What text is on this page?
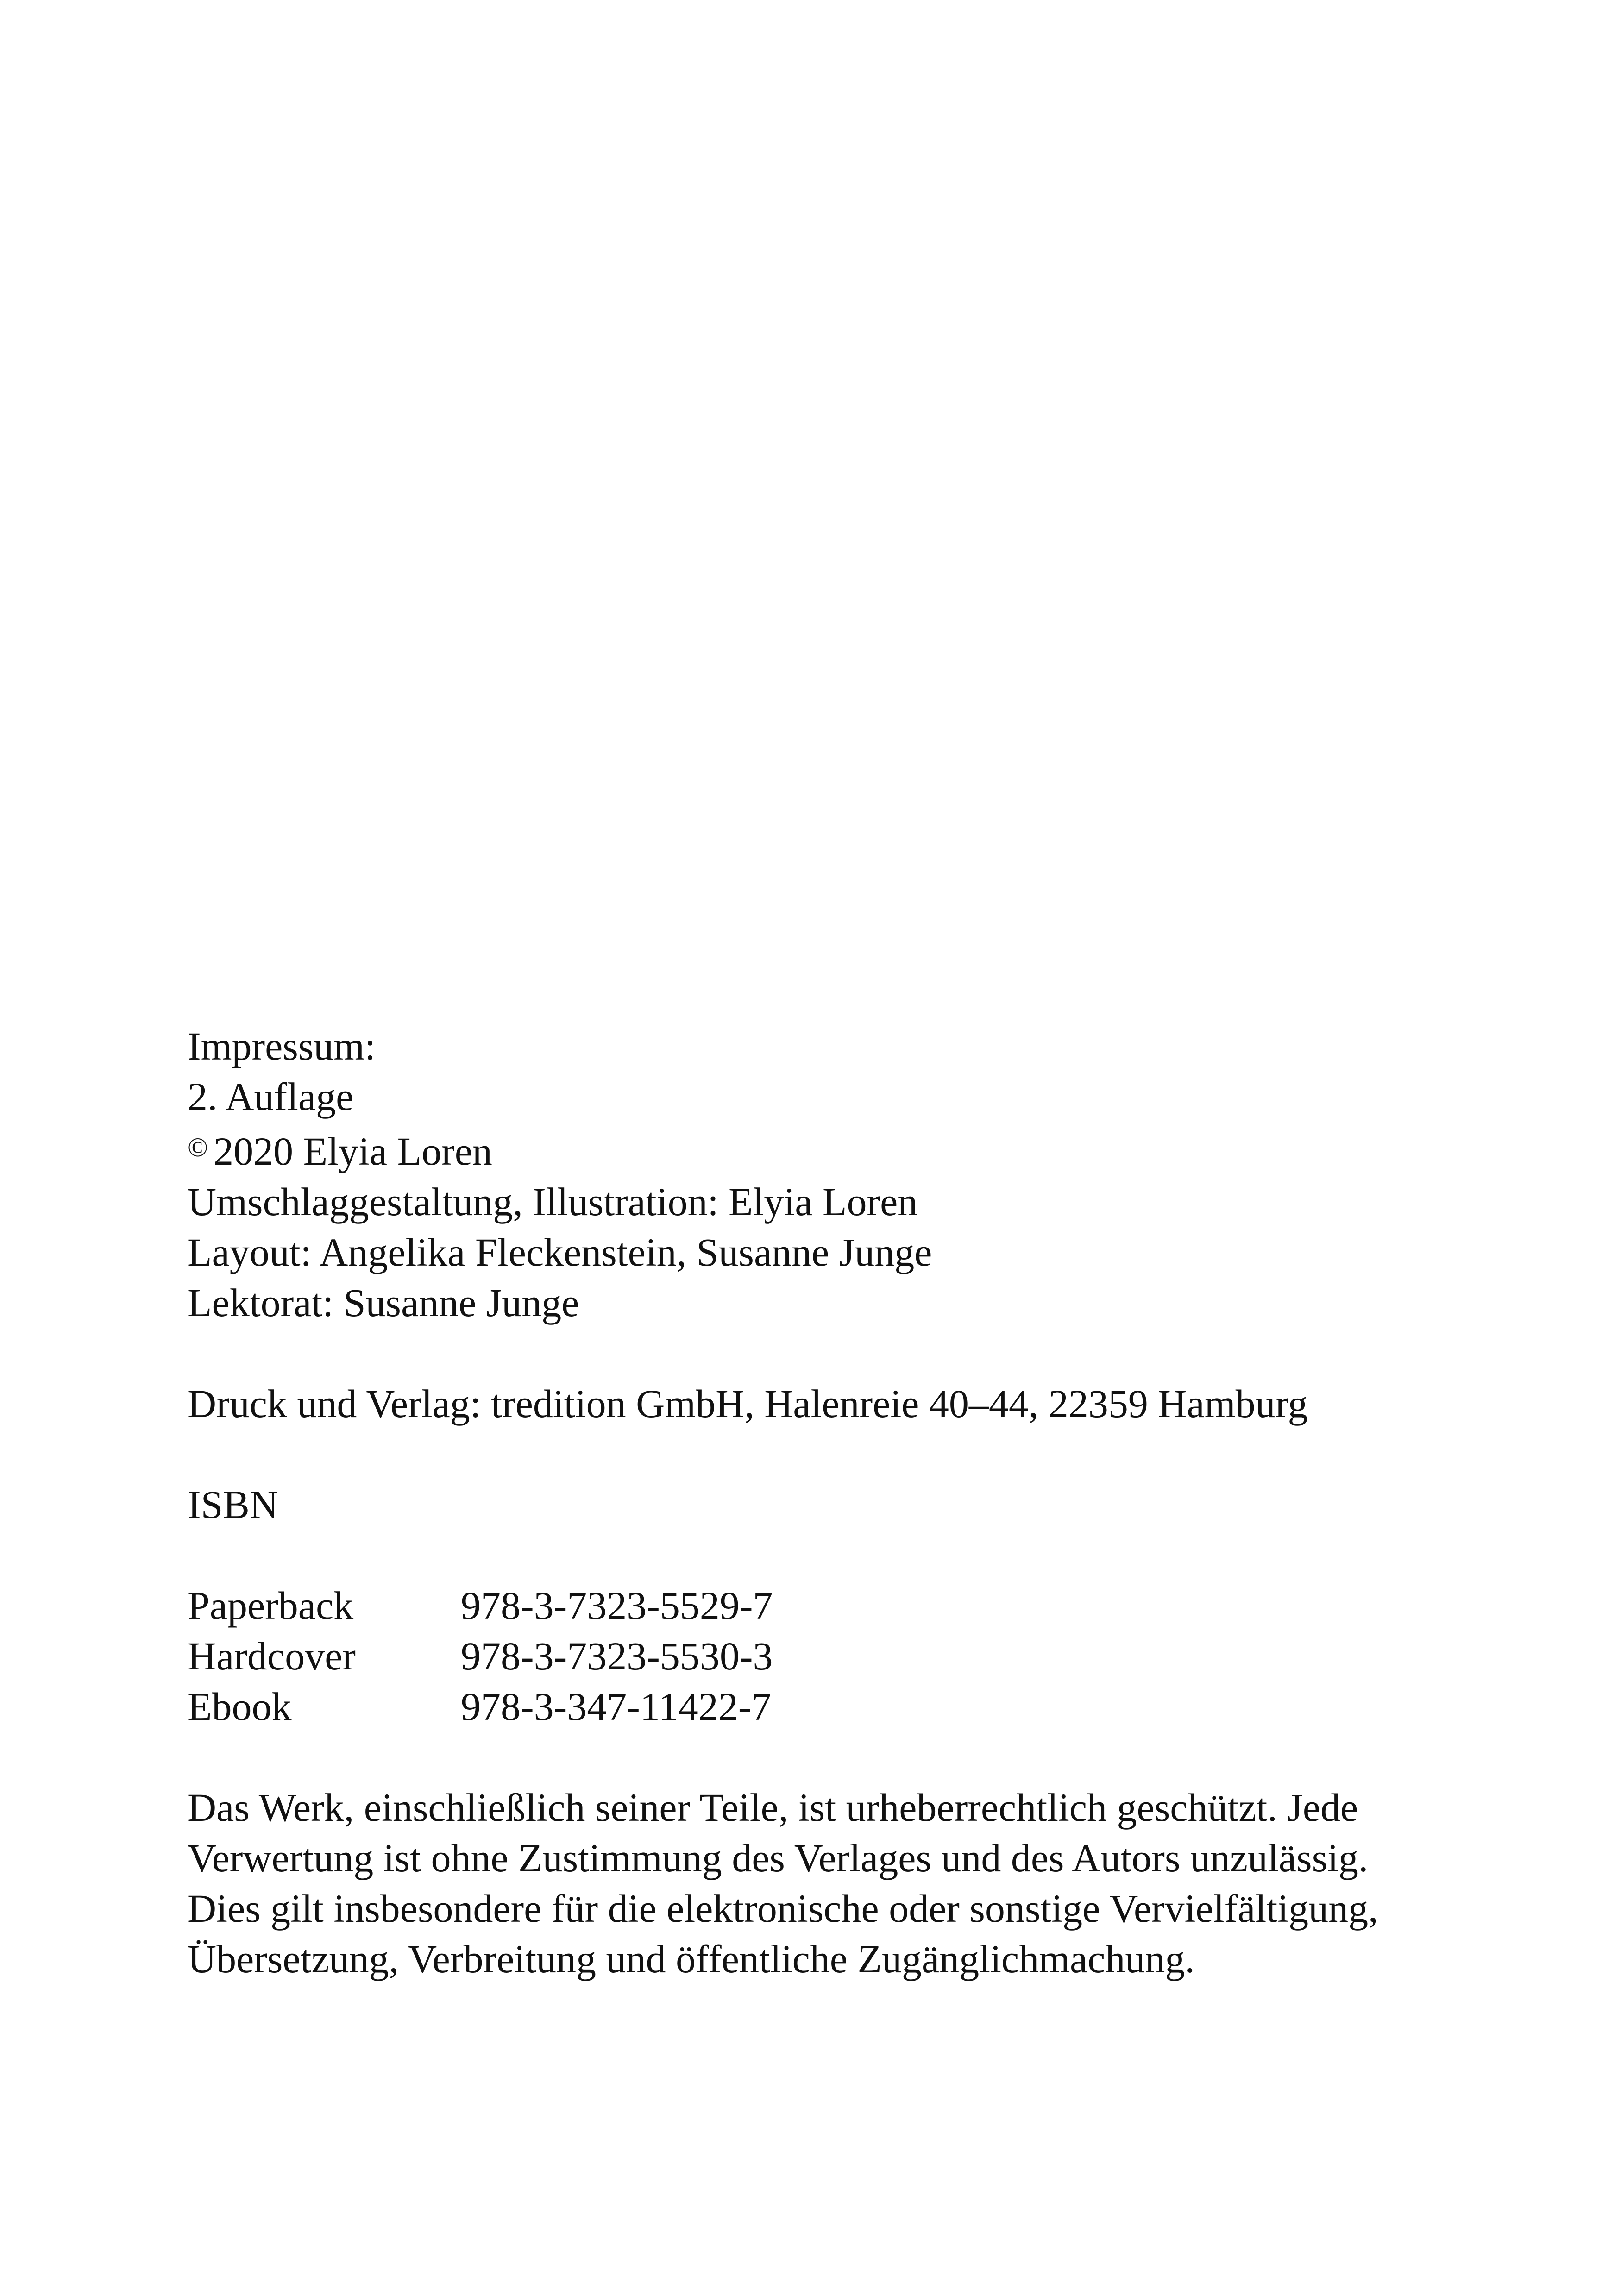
Impressum:
2. Auflage
© 2020 Elyia Loren
Umschlaggestaltung, Illustration: Elyia Loren
Layout: Angelika Fleckenstein, Susanne Junge
Lektorat: Susanne Junge
Druck und Verlag: tredition GmbH, Halenreie 40–44, 22359 Hamburg
ISBN
Paperback	978-3-7323-5529-7
Hardcover	978-3-7323-5530-3
Ebook	978-3-347-11422-7
Das Werk, einschließlich seiner Teile, ist urheberrechtlich geschützt. Jede
Verwertung ist ohne Zustimmung des Verlages und des Autors unzulässig.
Dies gilt insbesondere für die elektronische oder sonstige Vervielfältigung,
Übersetzung, Verbreitung und öffentliche Zugänglichmachung.
